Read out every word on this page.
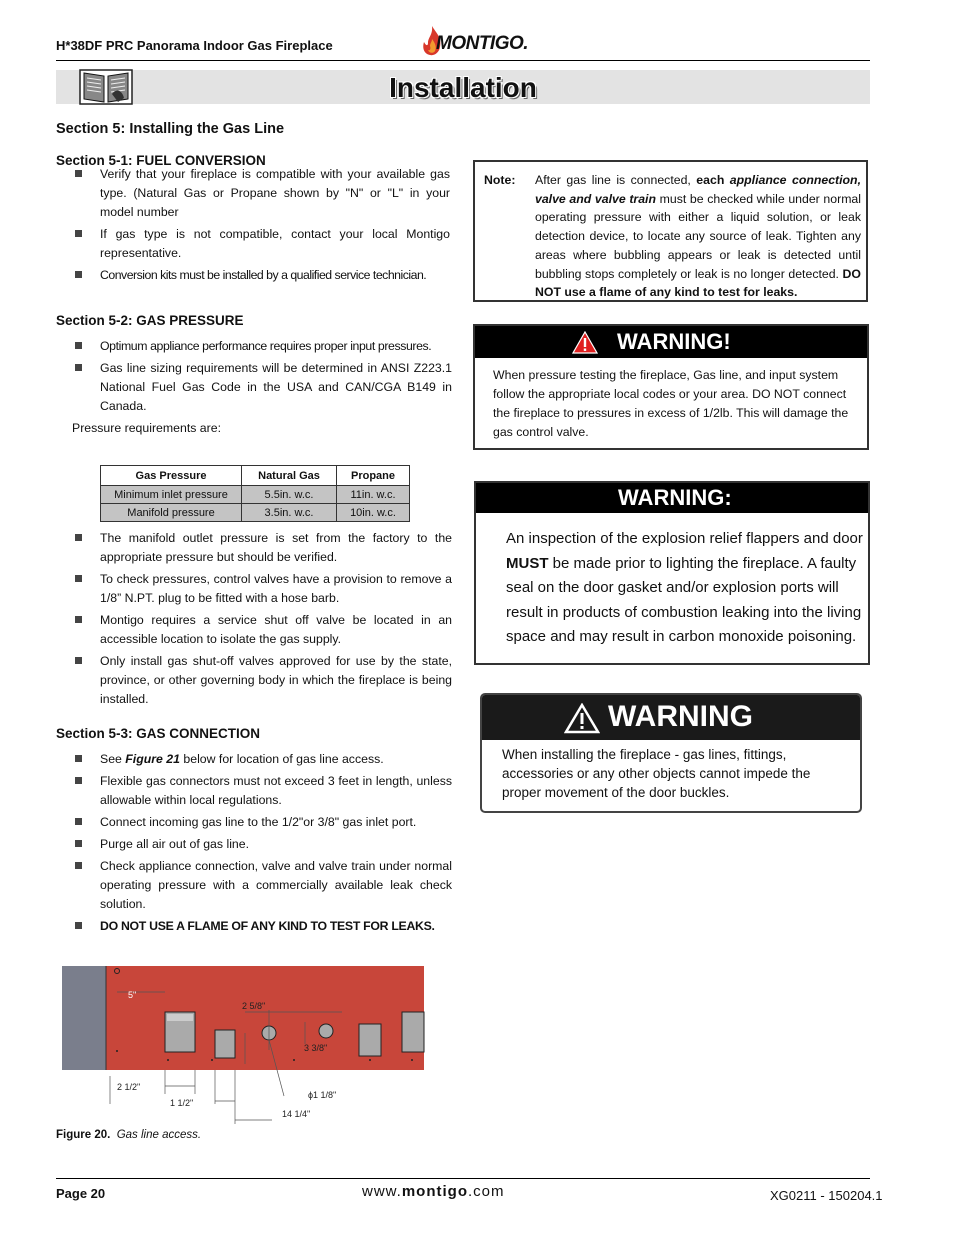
H*38DF PRC Panorama Indoor Gas Fireplace	MONTIGO.
Installation
Section 5: Installing the Gas Line
Section 5-1: FUEL CONVERSION
Verify that your fireplace is compatible with your available gas type. (Natural Gas or Propane shown by "N" or "L" in your model number
If gas type is not compatible, contact your local Montigo representative.
Conversion kits must be installed by a qualified service technician.
Section 5-2: GAS PRESSURE
Optimum appliance performance requires proper input pressures.
Gas line sizing requirements will be determined in ANSI Z223.1 National Fuel Gas Code in the USA and CAN/CGA B149 in Canada.
Pressure requirements are:
Gas Pressure	Natural Gas	Propane
Minimum inlet pressure	5.5in. w.c.	11in. w.c.
Manifold pressure	3.5in. w.c.	10in. w.c.
The manifold outlet pressure is set from the factory to the appropriate pressure but should be verified.
To check pressures, control valves have a provision to remove a 1/8” N.PT. plug to be fitted with a hose barb.
Montigo requires a service shut off valve be located in an accessible location to isolate the gas supply.
Only install gas shut-off valves approved for use by the state, province, or other governing body in which the fireplace is being installed.
Section 5-3: GAS CONNECTION
See Figure 21 below for location of gas line access.
Flexible gas connectors must not exceed 3 feet in length, unless allowable within local regulations.
Connect incoming gas line to the 1/2"or 3/8" gas inlet port.
Purge all air out of gas line.
Check appliance connection, valve and valve train under normal operating pressure with a commercially available leak check solution.
DO NOT USE A FLAME OF ANY KIND TO TEST FOR LEAKS.
Note: After gas line is connected, each appliance connection, valve and valve train must be checked while under normal operating pressure with either a liquid solution, or leak detection device, to locate any source of leak. Tighten any areas where bubbling appears or leak is detected until bubbling stops completely or leak is no longer detected. DO NOT use a flame of any kind to test for leaks.
WARNING!
When pressure testing the fireplace, Gas line, and input system follow the appropriate local codes or your area. DO NOT connect the fireplace to pressures in excess of 1/2lb. This will damage the gas control valve.
WARNING:
An inspection of the explosion relief flappers and door MUST be made prior to lighting the fireplace. A faulty seal on the door gasket and/or explosion ports will result in products of combustion leaking into the living space and may result in carbon monoxide poisoning.
WARNING
When installing the fireplace - gas lines, fittings, accessories or any other objects cannot impede the proper movement of the door buckles.
5"
2 5/8"
3 3/8"
2 1/2"
1 1/2"
ϕ1 1/8"
14 1/4"
Figure 20. Gas line access.
Page 20	www.montigo.com	XG0211 - 150204.1
